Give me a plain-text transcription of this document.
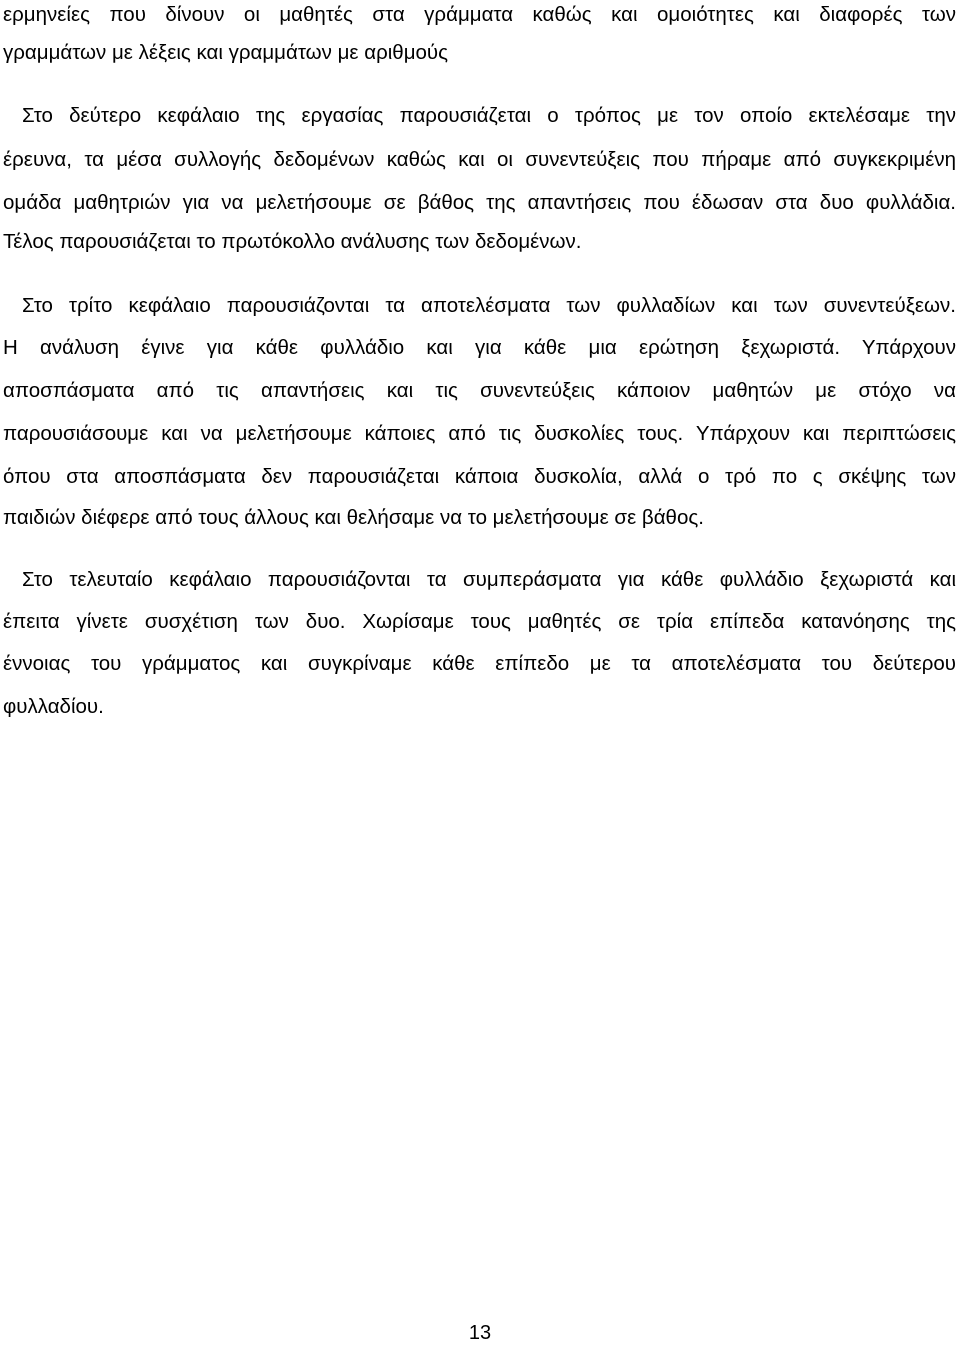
ερμηνείες που δίνουν οι μαθητές στα γράμματα καθώς και ομοιότητες και διαφορές των
γραμμάτων με λέξεις και γραμμάτων με αριθμούς
Στο δεύτερο κεφάλαιο της εργασίας παρουσιάζεται ο τρόπος με τον οποίο εκτελέσαμε την
έρευνα, τα μέσα συλλογής δεδομένων καθώς και οι συνεντεύξεις που πήραμε από συγκεκριμένη
ομάδα μαθητριών για να μελετήσουμε σε βάθος της απαντήσεις που έδωσαν στα δυο φυλλάδια.
Τέλος παρουσιάζεται το πρωτόκολλο ανάλυσης των δεδομένων.
Στο τρίτο κεφάλαιο παρουσιάζονται τα αποτελέσματα των φυλλαδίων και των συνεντεύξεων.
Η ανάλυση έγινε για κάθε φυλλάδιο και για κάθε μια ερώτηση ξεχωριστά. Υπάρχουν
αποσπάσματα από τις απαντήσεις και τις συνεντεύξεις κάποιον μαθητών με στόχο να
παρουσιάσουμε και να μελετήσουμε κάποιες από τις δυσκολίες τους. Υπάρχουν και περιπτώσεις
όπου στα αποσπάσματα δεν παρουσιάζεται κάποια δυσκολία, αλλά ο τρό πο ς σκέψης των
παιδιών διέφερε από τους άλλους και θελήσαμε να το μελετήσουμε σε βάθος.
Στο τελευταίο κεφάλαιο παρουσιάζονται τα συμπεράσματα για κάθε φυλλάδιο ξεχωριστά και
έπειτα γίνετε συσχέτιση των δυο. Χωρίσαμε τους μαθητές σε τρία επίπεδα κατανόησης της
έννοιας του γράμματος και συγκρίναμε κάθε επίπεδο με τα αποτελέσματα του δεύτερου
φυλλαδίου.
13
